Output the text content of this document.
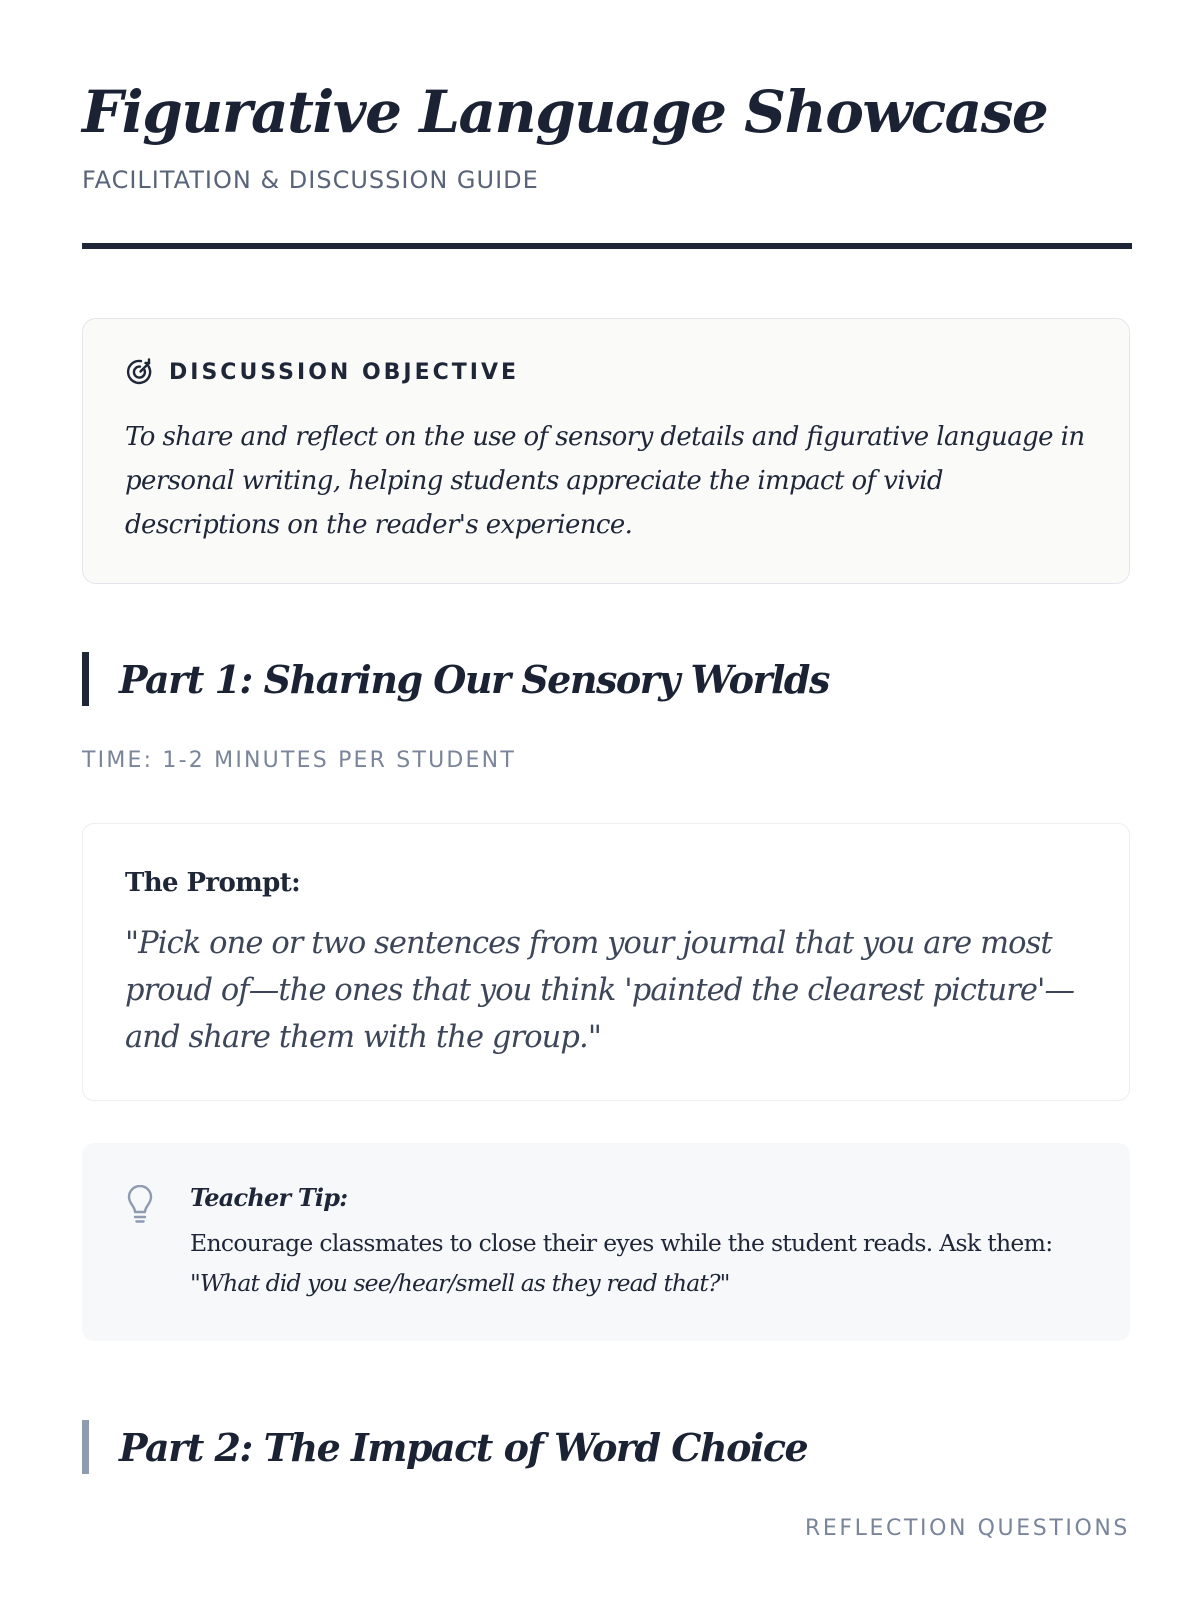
Figurative Language Showcase
FACILITATION & DISCUSSION GUIDE
DISCUSSION OBJECTIVE
To share and reflect on the use of sensory details and figurative language in personal writing, helping students appreciate the impact of vivid descriptions on the reader's experience.
Part 1: Sharing Our Sensory Worlds
TIME: 1-2 MINUTES PER STUDENT
The Prompt:
"Pick one or two sentences from your journal that you are most proud of—the ones that you think 'painted the clearest picture'—and share them with the group."
Teacher Tip:
Encourage classmates to close their eyes while the student reads. Ask them:
"What did you see/hear/smell as they read that?"
Part 2: The Impact of Word Choice
REFLECTION QUESTIONS
